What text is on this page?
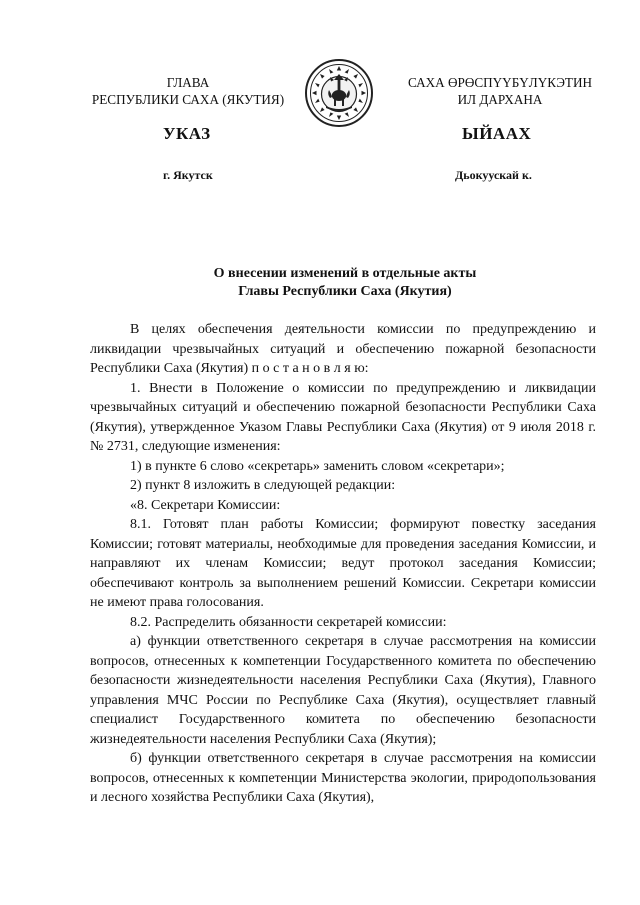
ГЛАВА
РЕСПУБЛИКИ САХА (ЯКУТИЯ)
САХА ӨРӨСПҮҮБҮЛҮКЭТИН
ИЛ ДАРХАНА
УКАЗ	ЫЙААХ
г. Якутск	Дьокуускай к.
О внесении изменений в отдельные акты
Главы Республики Саха (Якутия)

В целях обеспечения деятельности комиссии по предупреждению и ликвидации чрезвычайных ситуаций и обеспечению пожарной безопасности Республики Саха (Якутия) п о с т а н о в л я ю:

1. Внести в Положение о комиссии по предупреждению и ликвидации чрезвычайных ситуаций и обеспечению пожарной безопасности Республики Саха (Якутия), утвержденное Указом Главы Республики Саха (Якутия) от 9 июля 2018 г. № 2731, следующие изменения:

1) в пункте 6 слово «секретарь» заменить словом «секретари»;

2) пункт 8 изложить в следующей редакции:

«8. Секретари Комиссии:

8.1. Готовят план работы Комиссии; формируют повестку заседания Комиссии; готовят материалы, необходимые для проведения заседания Комиссии, и направляют их членам Комиссии; ведут протокол заседания Комиссии; обеспечивают контроль за выполнением решений Комиссии. Секретари комиссии не имеют права голосования.

8.2. Распределить обязанности секретарей комиссии:

а) функции ответственного секретаря в случае рассмотрения на комиссии вопросов, отнесенных к компетенции Государственного комитета по обеспечению безопасности жизнедеятельности населения Республики Саха (Якутия), Главного управления МЧС России по Республике Саха (Якутия), осуществляет главный специалист Государственного комитета по обеспечению безопасности жизнедеятельности населения Республики Саха (Якутия);

б) функции ответственного секретаря в случае рассмотрения на комиссии вопросов, отнесенных к компетенции Министерства экологии, природопользования и лесного хозяйства Республики Саха (Якутия),
